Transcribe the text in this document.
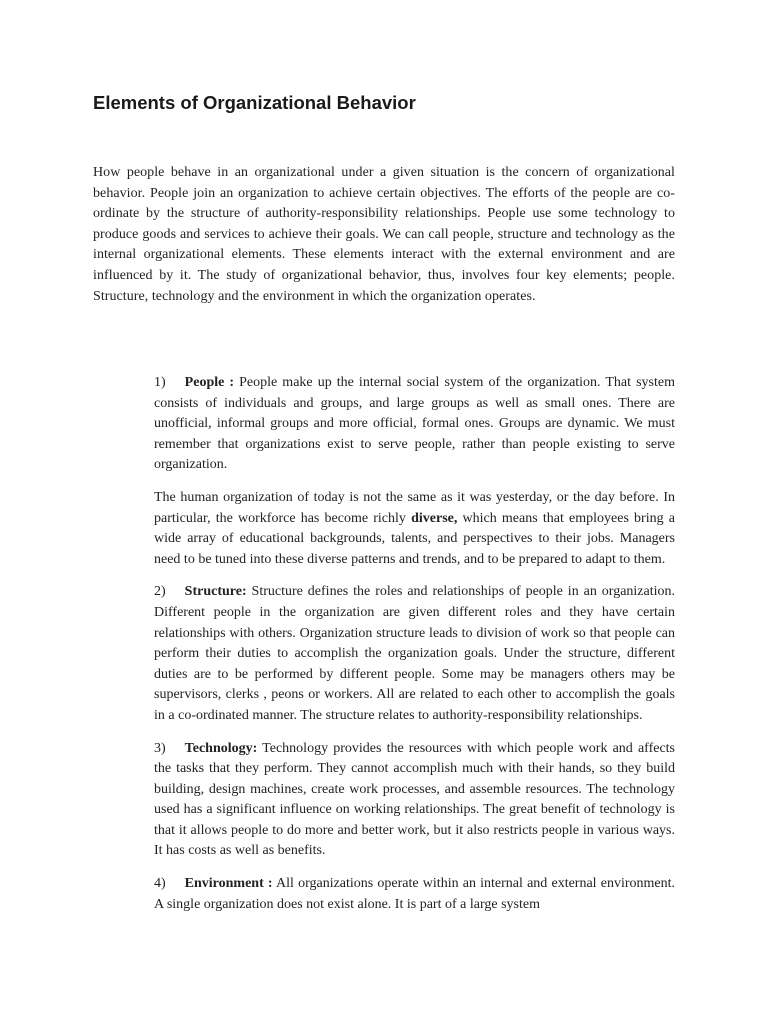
Elements of Organizational Behavior

How people behave in an organizational under a given situation is the concern of organizational behavior. People join an organization to achieve certain objectives. The efforts of the people are co-ordinate by the structure of authority-responsibility relationships. People use some technology to produce goods and services to achieve their goals. We can call people, structure and technology as the internal organizational elements. These elements interact with the external environment and are influenced by it. The study of organizational behavior, thus, involves four key elements; people. Structure, technology and the environment in which the organization operates.

1) People : People make up the internal social system of the organization. That system consists of individuals and groups, and large groups as well as small ones. There are unofficial, informal groups and more official, formal ones. Groups are dynamic. We must remember that organizations exist to serve people, rather than people existing to serve organization.

The human organization of today is not the same as it was yesterday, or the day before. In particular, the workforce has become richly diverse, which means that employees bring a wide array of educational backgrounds, talents, and perspectives to their jobs. Managers need to be tuned into these diverse patterns and trends, and to be prepared to adapt to them.

2) Structure: Structure defines the roles and relationships of people in an organization. Different people in the organization are given different roles and they have certain relationships with others. Organization structure leads to division of work so that people can perform their duties to accomplish the organization goals. Under the structure, different duties are to be performed by different people. Some may be managers others may be supervisors, clerks , peons or workers. All are related to each other to accomplish the goals in a co-ordinated manner. The structure relates to authority-responsibility relationships.

3) Technology: Technology provides the resources with which people work and affects the tasks that they perform. They cannot accomplish much with their hands, so they build building, design machines, create work processes, and assemble resources. The technology used has a significant influence on working relationships. The great benefit of technology is that it allows people to do more and better work, but it also restricts people in various ways. It has costs as well as benefits.

4) Environment : All organizations operate within an internal and external environment. A single organization does not exist alone. It is part of a large system
